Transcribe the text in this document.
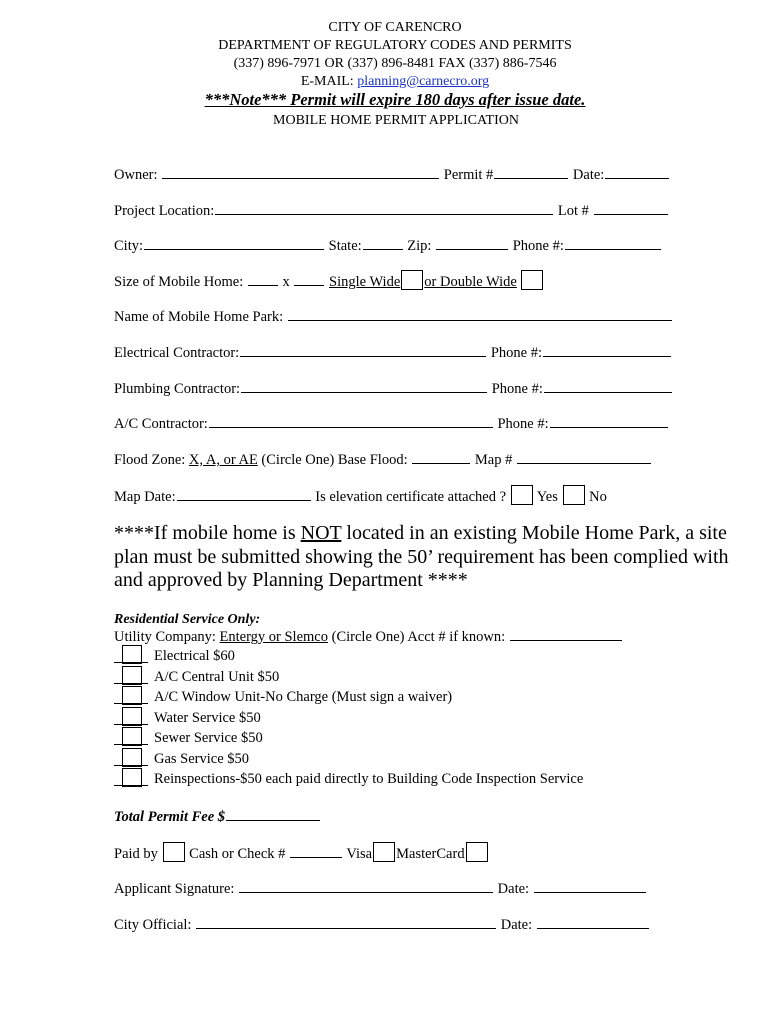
CITY OF CARENCRO
DEPARTMENT OF REGULATORY CODES AND PERMITS
(337) 896-7971 OR (337) 896-8481 FAX (337) 886-7546
E-MAIL: planning@carnecro.org
***Note*** Permit will expire 180 days after issue date.
MOBILE HOME PERMIT APPLICATION
Owner:	Permit #	Date:
Project Location:	Lot #
City:	State:	Zip:	Phone #:
Size of Mobile Home:	x	Single Wide or Double Wide
Name of Mobile Home Park:
Electrical Contractor:	Phone #:
Plumbing Contractor:	Phone #:
A/C Contractor:	Phone #:
Flood Zone: X, A, or AE (Circle One) Base Flood:	Map #
Map Date:	Is elevation certificate attached ? Yes No
****If mobile home is NOT located in an existing Mobile Home Park, a site plan must be submitted showing the 50’ requirement has been complied with and approved by Planning Department ****
Residential Service Only:
Utility Company: Entergy or Slemco (Circle One) Acct # if known:
Electrical $60
A/C Central Unit $50
A/C Window Unit-No Charge (Must sign a waiver)
Water Service $50
Sewer Service $50
Gas Service $50
Reinspections-$50 each paid directly to Building Code Inspection Service
Total Permit Fee $
Paid by Cash or Check #	Visa MasterCard
Applicant Signature:	Date:
City Official:	Date:
